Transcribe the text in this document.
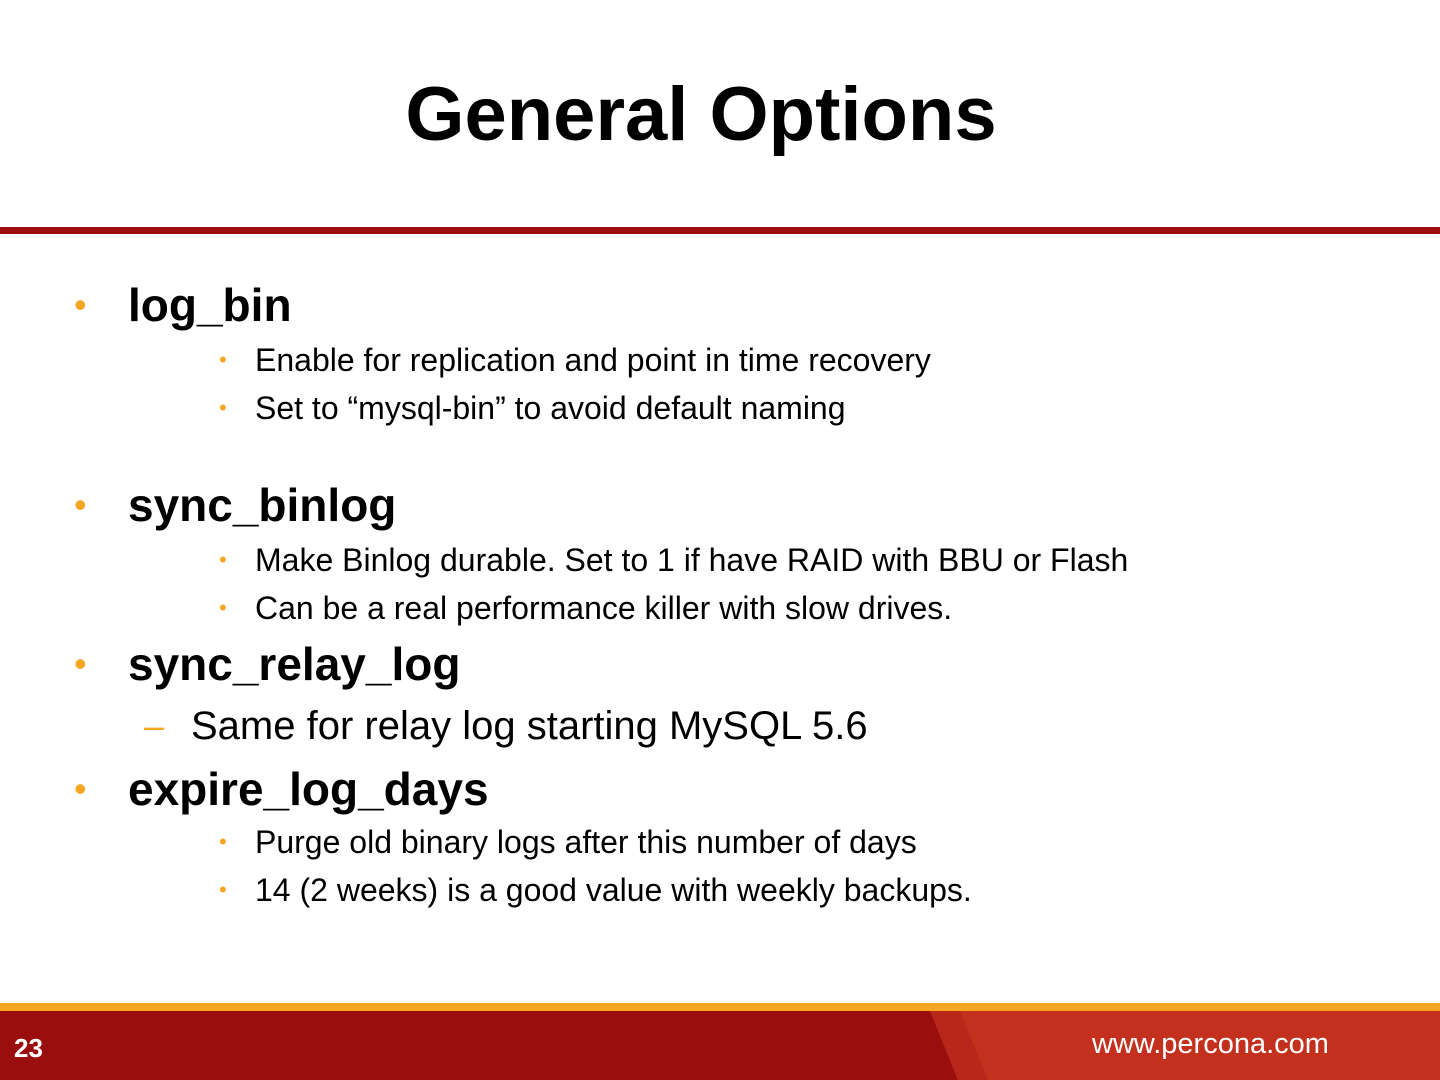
General Options
• log_bin
• Enable for replication and point in time recovery
• Set to “mysql-bin” to avoid default naming
• sync_binlog
• Make Binlog durable. Set to 1 if have RAID with BBU or Flash
• Can be a real performance killer with slow drives.
• sync_relay_log
– Same for relay log starting MySQL 5.6
• expire_log_days
• Purge old binary logs after this number of days
• 14 (2 weeks) is a good value with weekly backups.
23	www.percona.com
